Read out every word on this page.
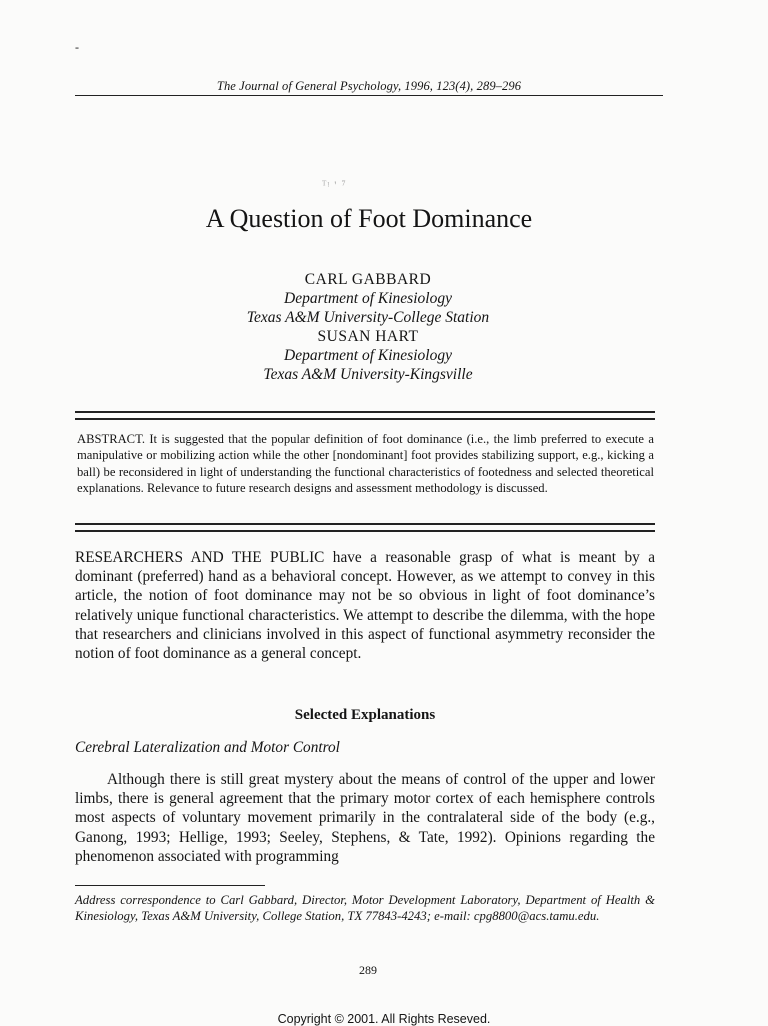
-
The Journal of General Psychology, 1996, 123(4), 289–296
ᵀᵎ ' ⁷
A Question of Foot Dominance
CARL GABBARD
Department of Kinesiology
Texas A&M University-College Station
SUSAN HART
Department of Kinesiology
Texas A&M University-Kingsville
ABSTRACT. It is suggested that the popular definition of foot dominance (i.e., the limb preferred to execute a manipulative or mobilizing action while the other [nondominant] foot provides stabilizing support, e.g., kicking a ball) be reconsidered in light of understanding the functional characteristics of footedness and selected theoretical explanations. Relevance to future research designs and assessment methodology is discussed.
RESEARCHERS AND THE PUBLIC have a reasonable grasp of what is meant by a dominant (preferred) hand as a behavioral concept. However, as we attempt to convey in this article, the notion of foot dominance may not be so obvious in light of foot dominance’s relatively unique functional characteristics. We attempt to describe the dilemma, with the hope that researchers and clinicians involved in this aspect of functional asymmetry reconsider the notion of foot dominance as a general concept.
Selected Explanations
Cerebral Lateralization and Motor Control
Although there is still great mystery about the means of control of the upper and lower limbs, there is general agreement that the primary motor cortex of each hemisphere controls most aspects of voluntary movement primarily in the contralateral side of the body (e.g., Ganong, 1993; Hellige, 1993; Seeley, Stephens, & Tate, 1992). Opinions regarding the phenomenon associated with programming
Address correspondence to Carl Gabbard, Director, Motor Development Laboratory, Department of Health & Kinesiology, Texas A&M University, College Station, TX 77843-4243; e-mail: cpg8800@acs.tamu.edu.
289
Copyright © 2001. All Rights Reseved.
